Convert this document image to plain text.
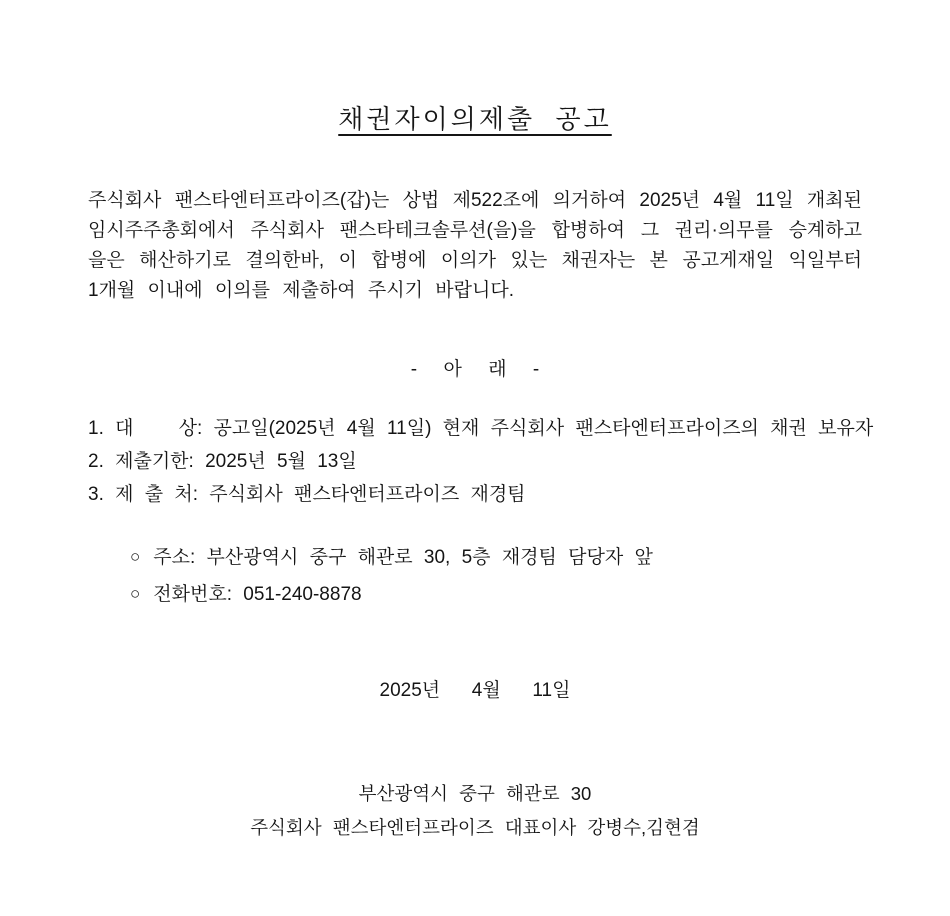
채권자이의제출  공고
주식회사 팬스타엔터프라이즈(갑)는 상법 제522조에 의거하여 2025년 4월 11일 개최된
임시주주총회에서 주식회사 팬스타테크솔루션(을)을 합병하여 그 권리·의무를 승계하고
을은 해산하기로 결의한바, 이 합병에 이의가 있는 채권자는 본 공고게재일 익일부터
1개월 이내에 이의를 제출하여 주시기 바랍니다.
-     아     래     -
1. 대    상: 공고일(2025년 4월 11일) 현재 주식회사 팬스타엔터프라이즈의 채권 보유자
2. 제출기한: 2025년 5월 13일
3. 제 출 처: 주식회사 팬스타엔터프라이즈 재경팀
○ 주소: 부산광역시 중구 해관로 30, 5층 재경팀 담당자 앞
○ 전화번호: 051-240-8878
2025년      4월      11일
부산광역시 중구 해관로 30
주식회사 팬스타엔터프라이즈 대표이사 강병수,김현겸
